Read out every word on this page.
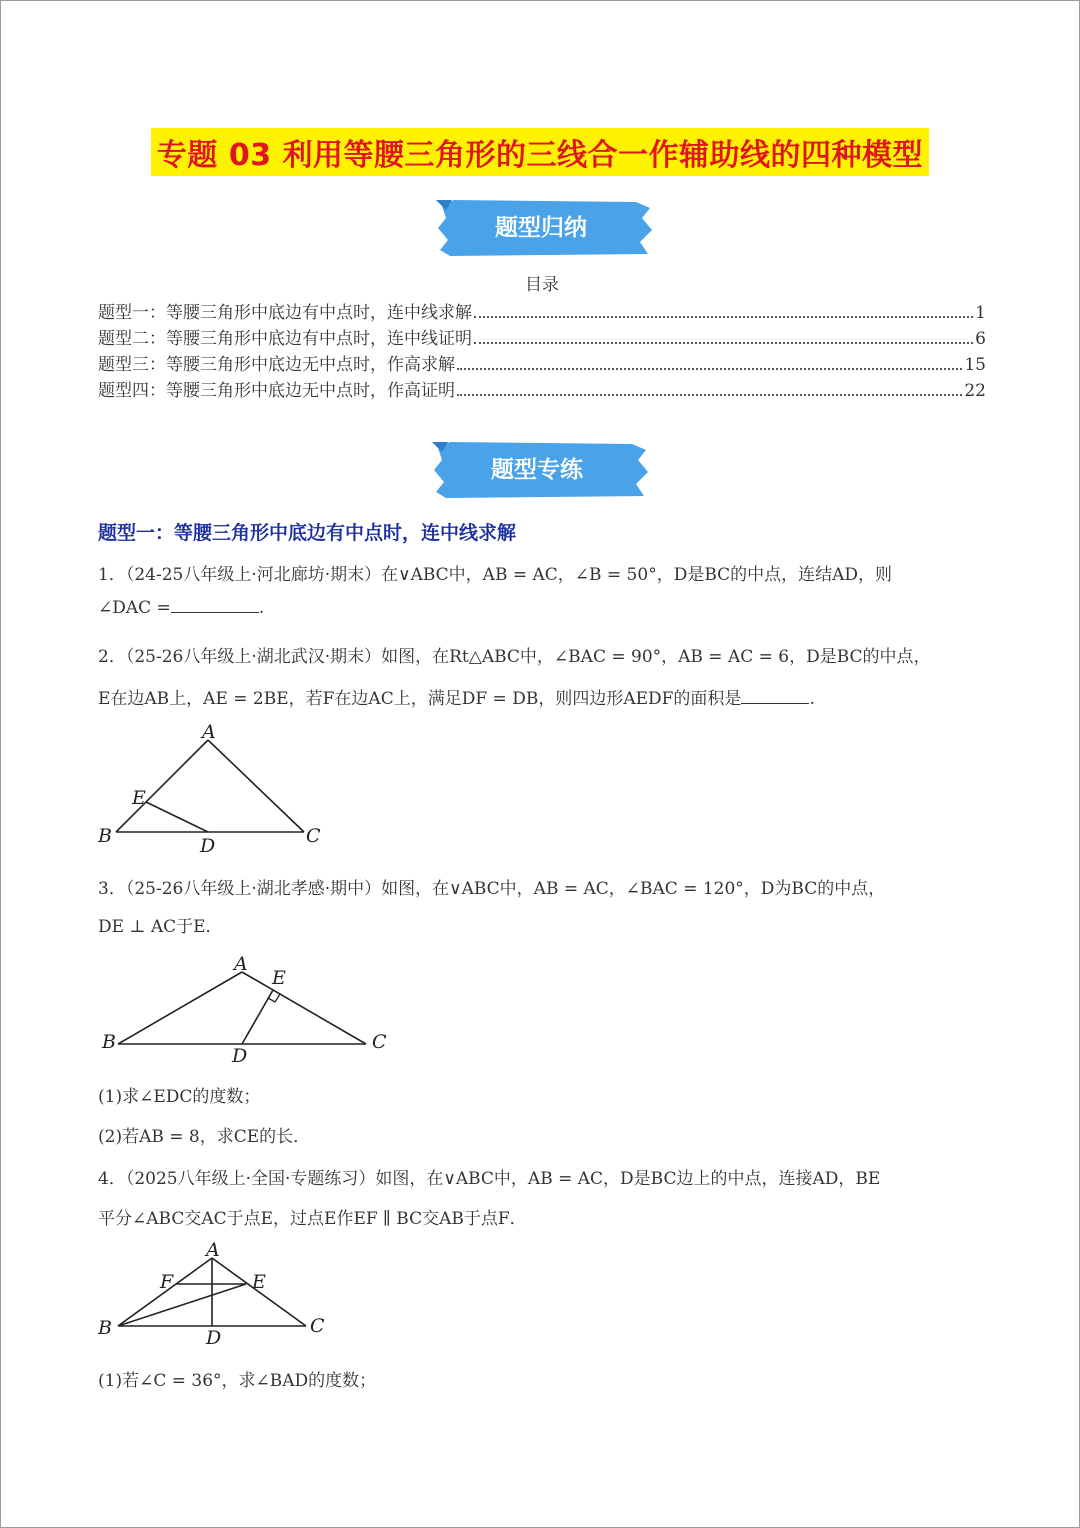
专题 03 利用等腰三角形的三线合一作辅助线的四种模型
题型归纳
目录
题型一：等腰三角形中底边有中点时，连中线求解	1
题型二：等腰三角形中底边有中点时，连中线证明	6
题型三：等腰三角形中底边无中点时，作高求解	15
题型四：等腰三角形中底边无中点时，作高证明	22
题型专练
题型一：等腰三角形中底边有中点时，连中线求解
1．（24-25八年级上·河北廊坊·期末）在∨ABC中，AB = AC，∠B = 50°，D是BC的中点，连结AD，则
∠DAC =	.
2．（25-26八年级上·湖北武汉·期末）如图，在Rt△ABC中，∠BAC = 90°，AB = AC = 6，D是BC的中点，
E在边AB上，AE = 2BE，若F在边AC上，满足DF = DB，则四边形AEDF的面积是	.
A
E
B	D	C
3．（25-26八年级上·湖北孝感·期中）如图，在∨ABC中，AB = AC，∠BAC = 120°，D为BC的中点，
DE ⊥ AC于E．
A
E
B
D
C
(1)求∠EDC的度数；
(2)若AB = 8，求CE的长．
4．（2025八年级上·全国·专题练习）如图，在∨ABC中，AB = AC，D是BC边上的中点，连接AD，BE
平分∠ABC交AC于点E，过点E作EF ∥ BC交AB于点F．
A
F	E
B	D
C
(1)若∠C = 36°，求∠BAD的度数；
